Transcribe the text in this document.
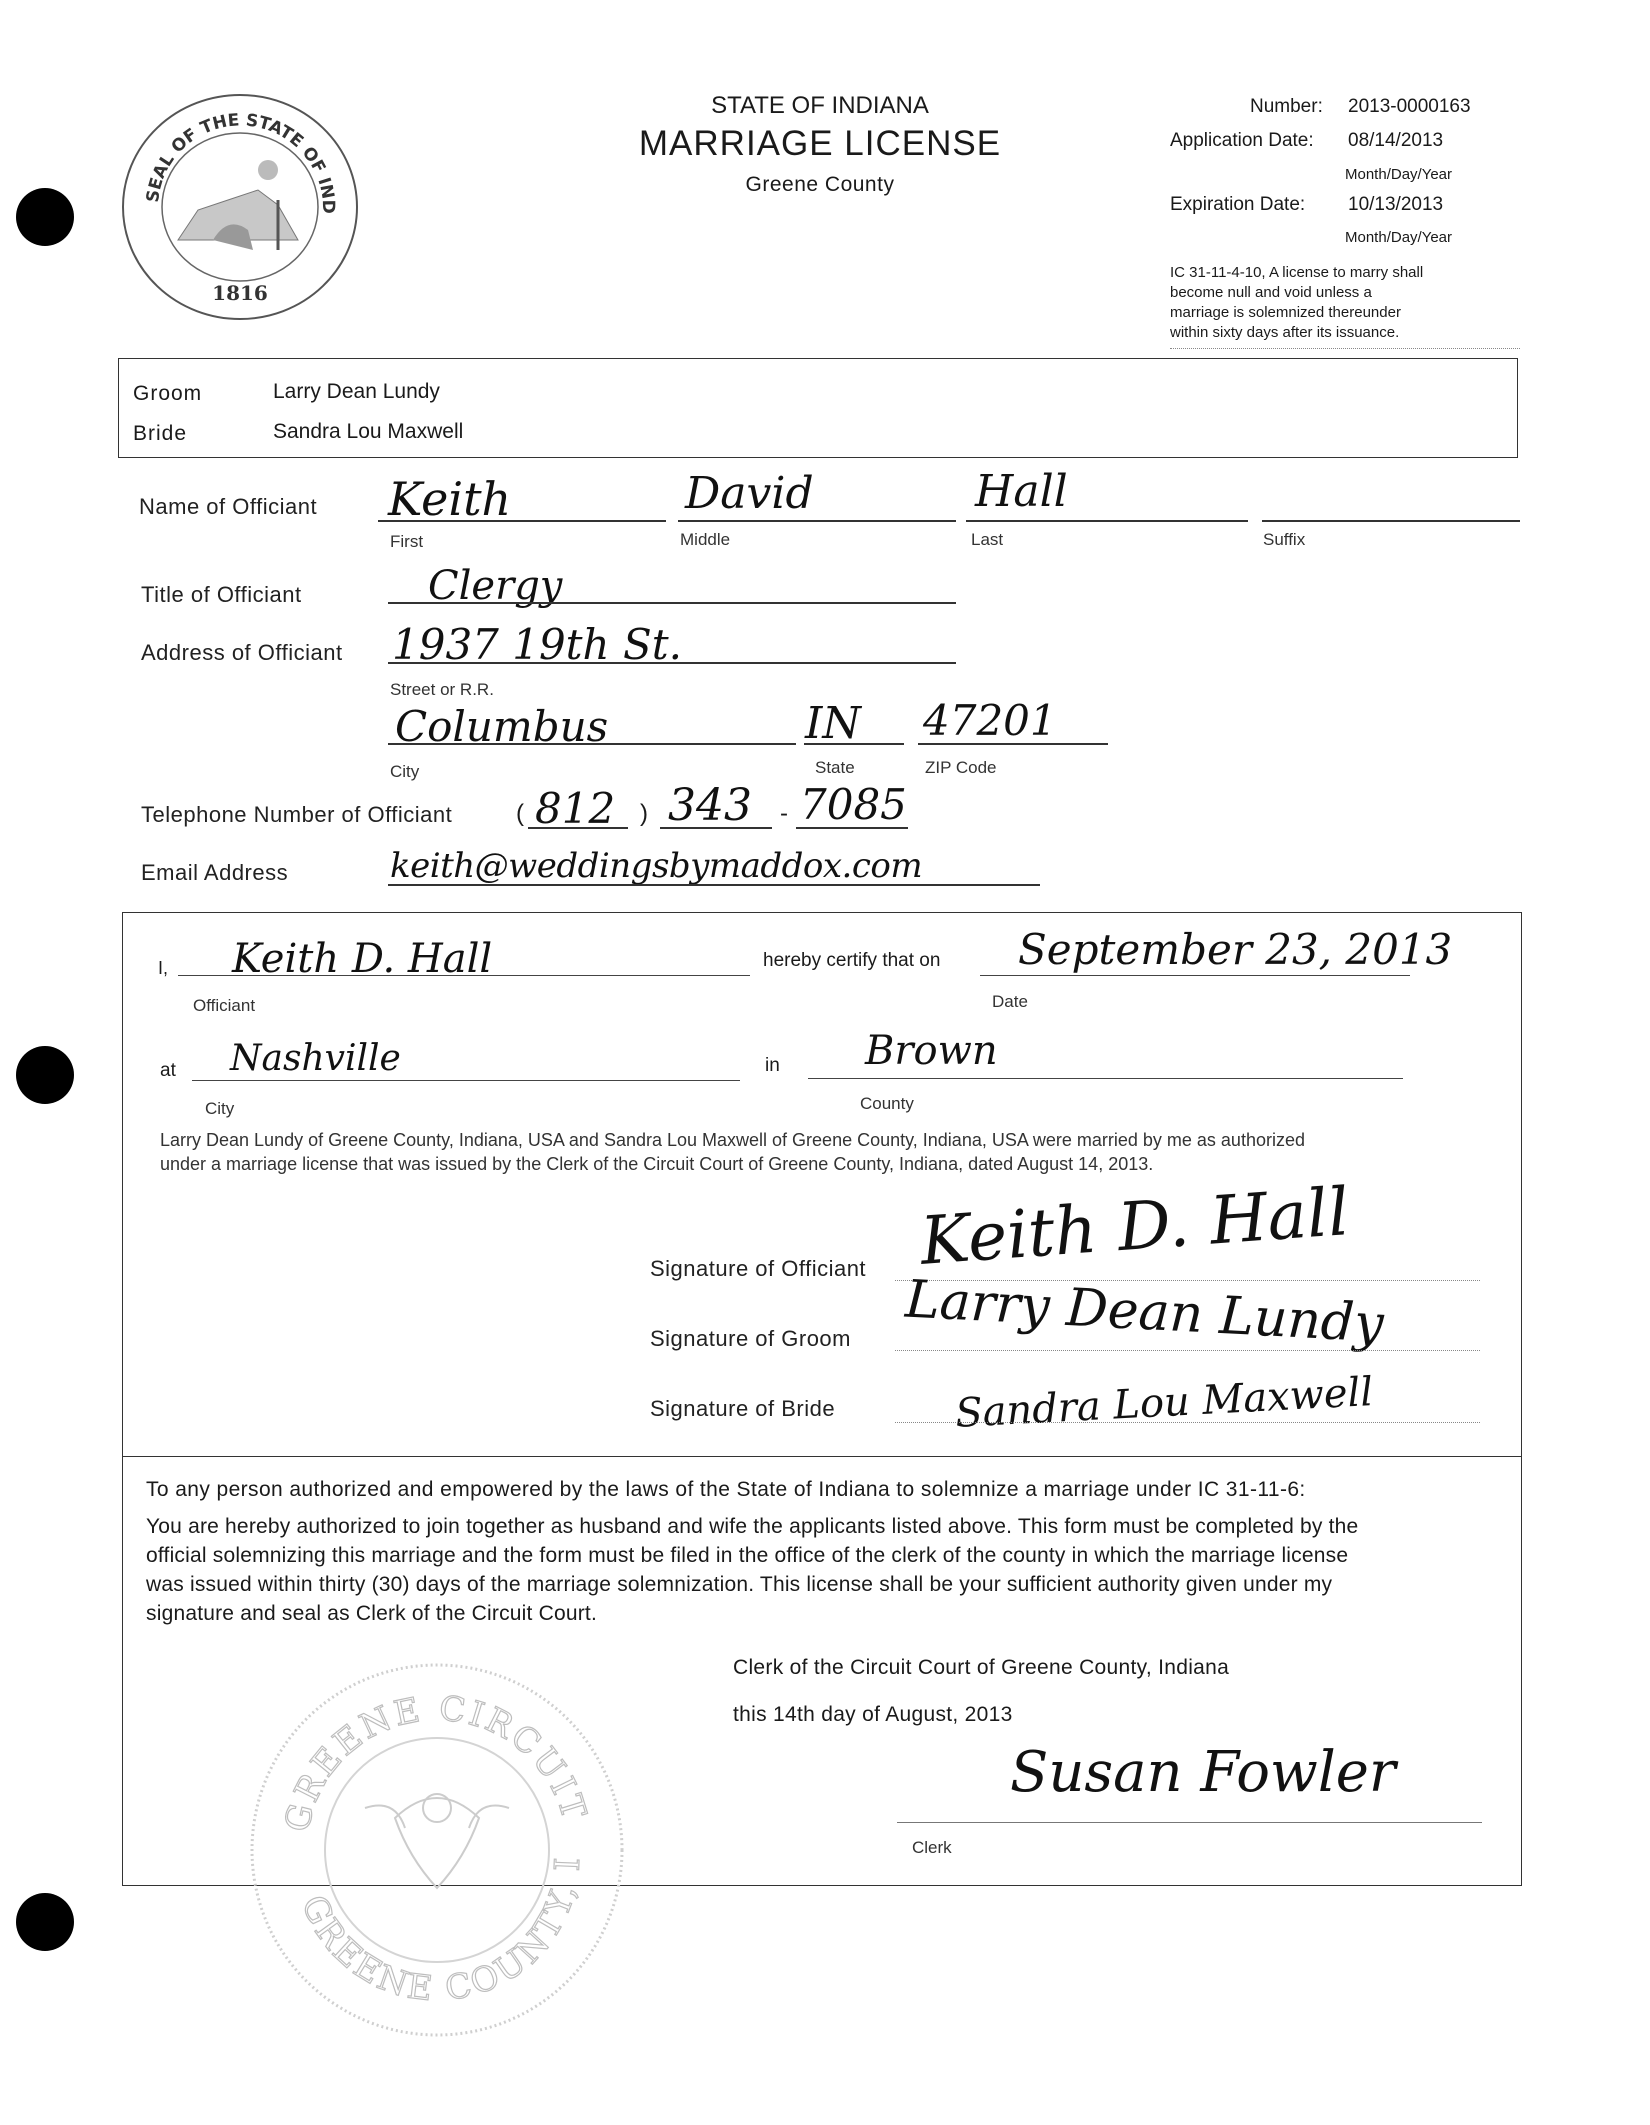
SEAL OF THE STATE OF IND
1816
STATE OF INDIANA
MARRIAGE LICENSE
Greene County
Number: 2013-0000163
Application Date: 08/14/2013
Month/Day/Year
Expiration Date: 10/13/2013
Month/Day/Year
IC 31-11-4-10, A license to marry shall
become null and void unless a
marriage is solemnized thereunder
within sixty days after its issuance.
Groom	Larry Dean Lundy
Bride	Sandra Lou Maxwell
Name of Officiant Keith	David	Hall
First	Middle	Last	Suffix
Title of Officiant	Clergy
Address of Officiant 1937 19th St.
Street or R.R.
Columbus	IN 47201
City	State	ZIP Code
Telephone Number of Officiant	( 812 ) 343 - 7085
Email Address	keith@weddingsbymaddox.com
I, Keith D. Hall
Officiant
hereby certify that on September 23, 2013
Date
at Nashville
City
in Brown
County
Larry Dean Lundy of Greene County, Indiana, USA and Sandra Lou Maxwell of Greene County, Indiana, USA were married by me as authorized
under a marriage license that was issued by the Clerk of the Circuit Court of Greene County, Indiana, dated August 14, 2013.
Signature of Officiant Keith D. Hall
Signature of Groom Larry Dean Lundy
Signature of Bride	Sandra Lou Maxwell
To any person authorized and empowered by the laws of the State of Indiana to solemnize a marriage under IC 31-11-6:
You are hereby authorized to join together as husband and wife the applicants listed above. This form must be completed by the
official solemnizing this marriage and the form must be filed in the office of the clerk of the county in which the marriage license
was issued within thirty (30) days of the marriage solemnization. This license shall be your sufficient authority given under my
signature and seal as Clerk of the Circuit Court.
Clerk of the Circuit Court of Greene County, Indiana
this 14th day of August, 2013
Susan Fowler
Clerk
GREENE CIRCUIT
GREENE COUNTY, I
